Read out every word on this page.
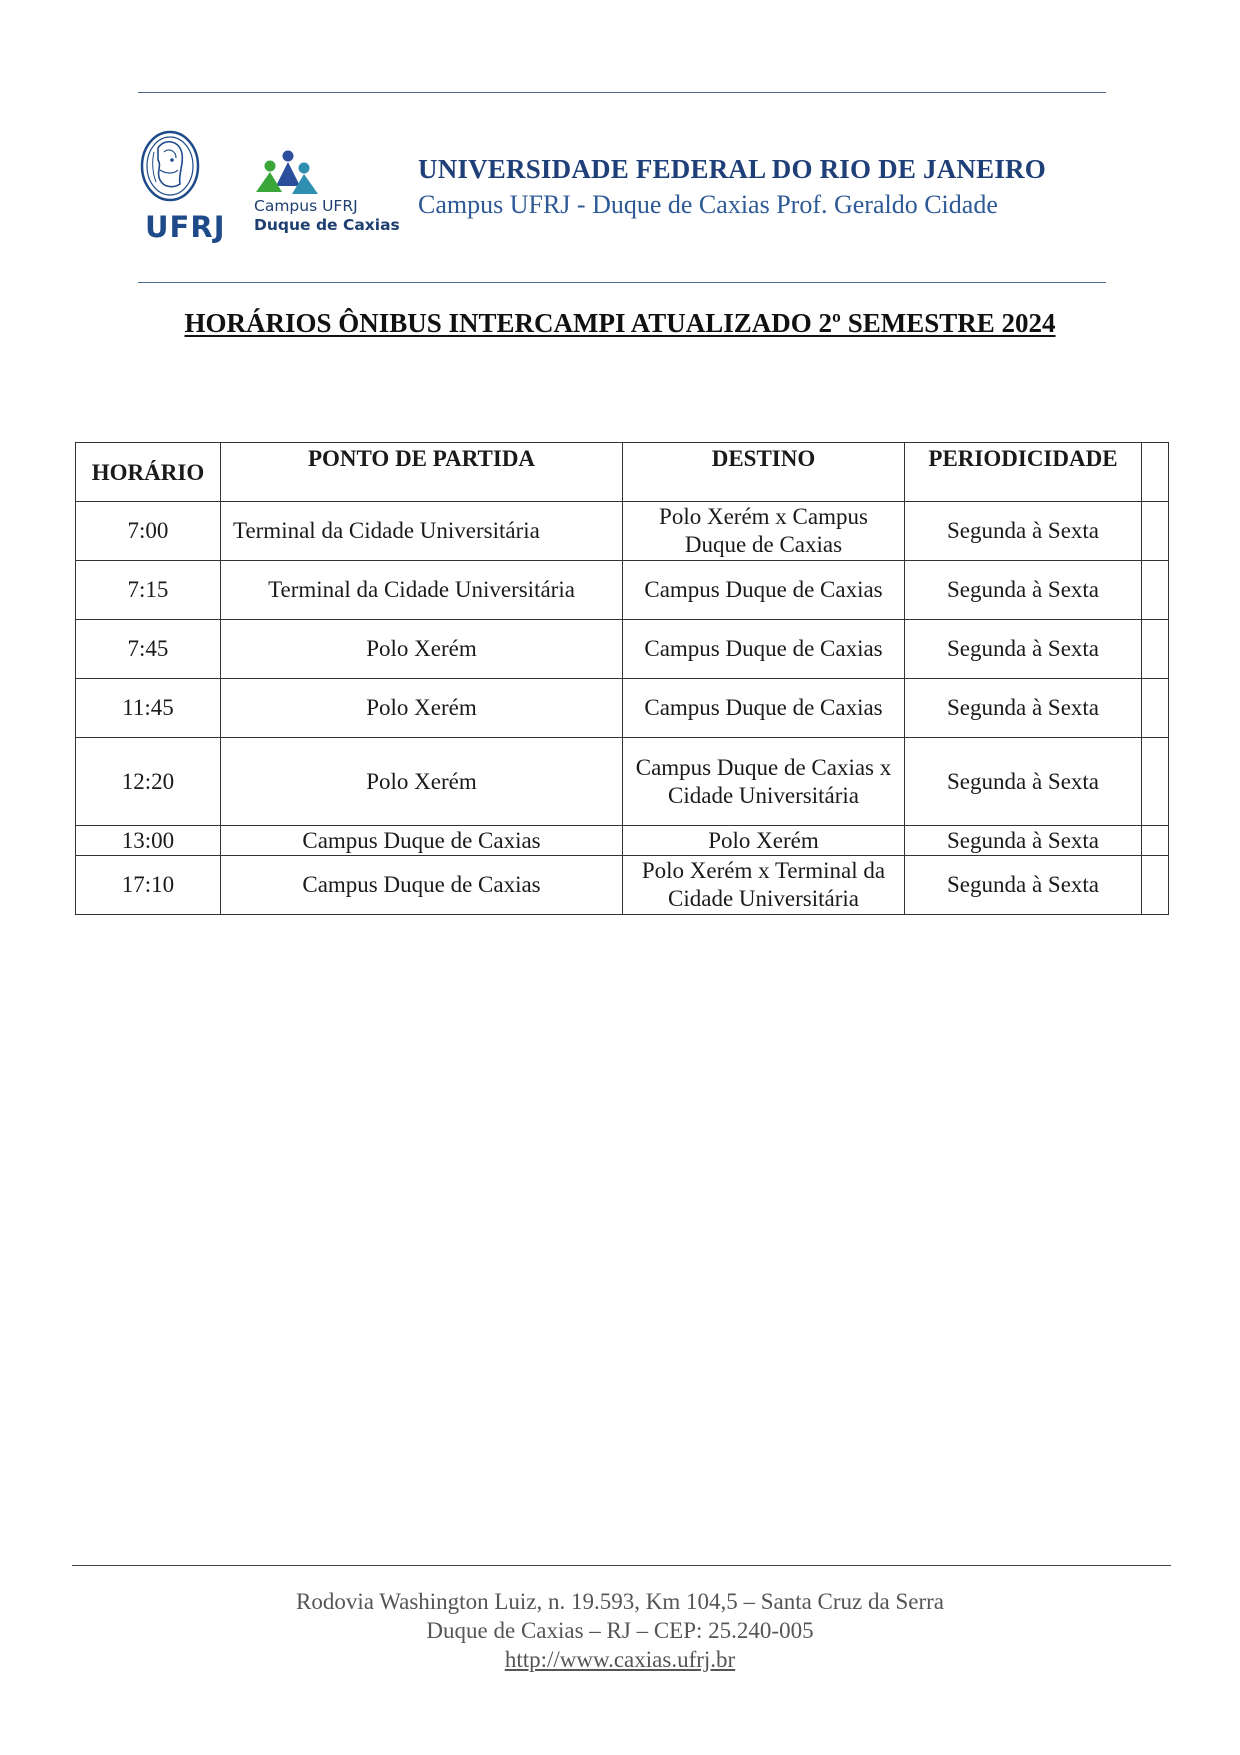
UFRJ
Campus UFRJ
Duque de Caxias
UNIVERSIDADE FEDERAL DO RIO DE JANEIRO
Campus UFRJ - Duque de Caxias Prof. Geraldo Cidade
HORÁRIOS ÔNIBUS INTERCAMPI ATUALIZADO 2º SEMESTRE 2024
HORÁRIO	PONTO DE PARTIDA	DESTINO	PERIODICIDADE	
7:00	Terminal da Cidade Universitária	Polo Xerém x Campus Duque de Caxias	Segunda à Sexta	
7:15	Terminal da Cidade Universitária	Campus Duque de Caxias	Segunda à Sexta	
7:45	Polo Xerém	Campus Duque de Caxias	Segunda à Sexta	
11:45	Polo Xerém	Campus Duque de Caxias	Segunda à Sexta	
12:20	Polo Xerém	Campus Duque de Caxias x Cidade Universitária	Segunda à Sexta	
13:00	Campus Duque de Caxias	Polo Xerém	Segunda à Sexta	
17:10	Campus Duque de Caxias	Polo Xerém x Terminal da Cidade Universitária	Segunda à Sexta	
Rodovia Washington Luiz, n. 19.593, Km 104,5 – Santa Cruz da Serra
Duque de Caxias – RJ – CEP: 25.240-005
http://www.caxias.ufrj.br
